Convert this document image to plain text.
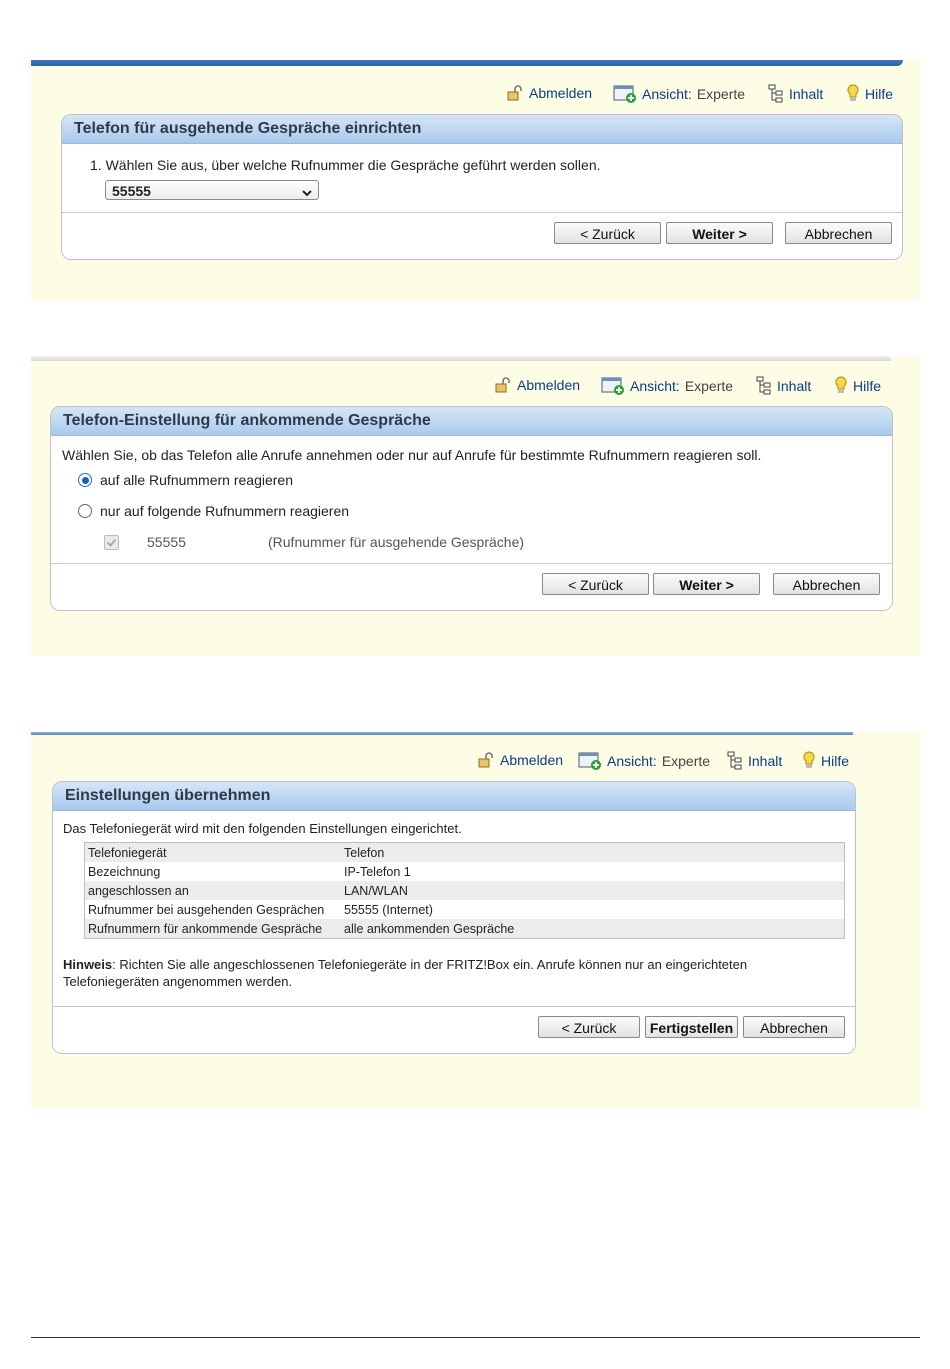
Abmelden	Ansicht: Experte	Inhalt	Hilfe
Telefon für ausgehende Gespräche einrichten
1. Wählen Sie aus, über welche Rufnummer die Gespräche geführt werden sollen.
55555
< Zurück	Weiter >	Abbrechen
Abmelden	Ansicht: Experte	Inhalt	Hilfe
Telefon-Einstellung für ankommende Gespräche
Wählen Sie, ob das Telefon alle Anrufe annehmen oder nur auf Anrufe für bestimmte Rufnummern reagieren soll.
auf alle Rufnummern reagieren
nur auf folgende Rufnummern reagieren
55555	(Rufnummer für ausgehende Gespräche)
< Zurück	Weiter >	Abbrechen
Abmelden	Ansicht: Experte	Inhalt	Hilfe
Einstellungen übernehmen
Das Telefoniegerät wird mit den folgenden Einstellungen eingerichtet.
Telefoniegerät	Telefon
Bezeichnung	IP-Telefon 1
angeschlossen an	LAN/WLAN
Rufnummer bei ausgehenden Gesprächen	55555 (Internet)
Rufnummern für ankommende Gespräche	alle ankommenden Gespräche
Hinweis: Richten Sie alle angeschlossenen Telefoniegeräte in der FRITZ!Box ein. Anrufe können nur an eingerichteten
Telefoniegeräten angenommen werden.
< Zurück	Fertigstellen	Abbrechen
